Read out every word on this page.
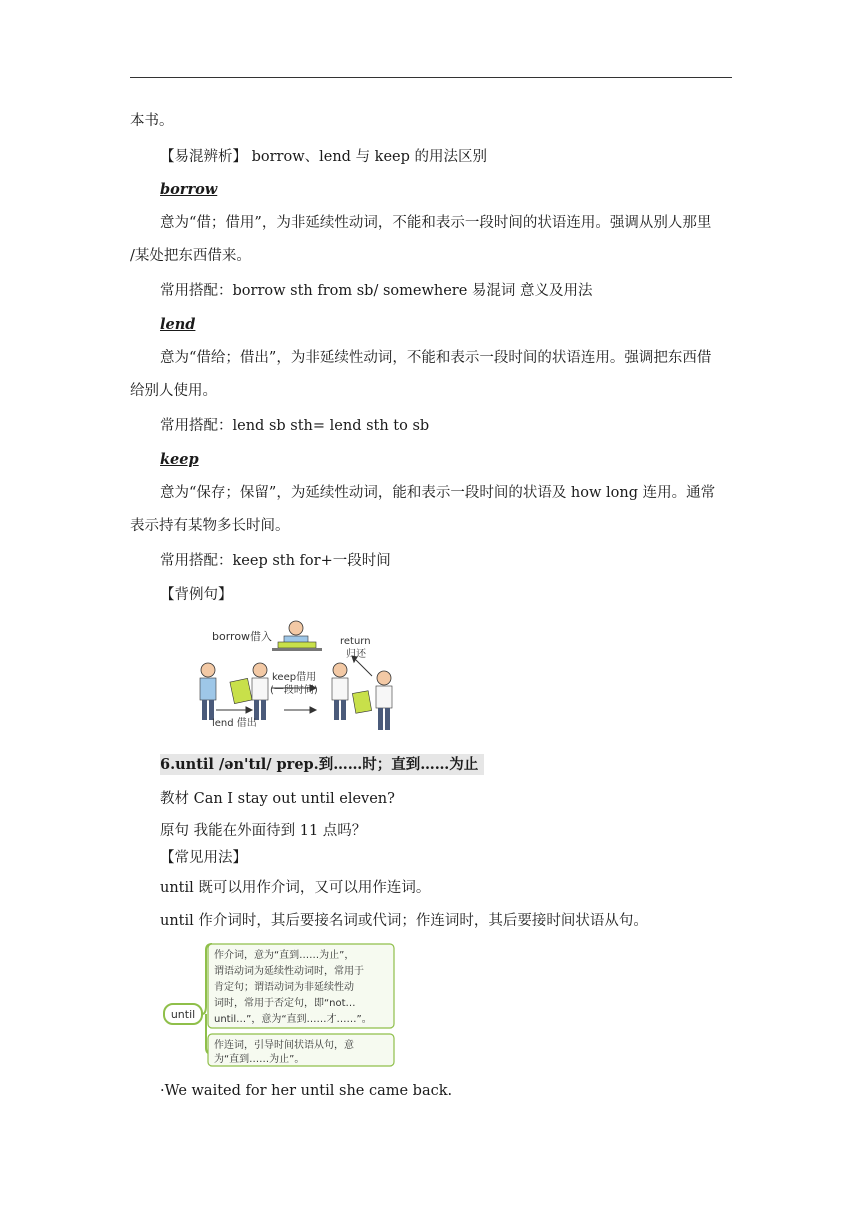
本书。
【易混辨析】 borrow、lend 与 keep 的用法区别
borrow
意为“借；借用”，为非延续性动词，不能和表示一段时间的状语连用。强调从别人那里
/某处把东西借来。
常用搭配：borrow sth from sb/ somewhere 易混词 意义及用法
lend
意为“借给；借出”，为非延续性动词，不能和表示一段时间的状语连用。强调把东西借
给别人使用。
常用搭配：lend sb sth= lend sth to sb
keep
意为“保存；保留”，为延续性动词，能和表示一段时间的状语及 how long 连用。通常
表示持有某物多长时间。
常用搭配：keep sth for+一段时间
【背例句】
borrow借入	return
归还
keep借用
(一段时间)
lend 借出
6.until /ən'tɪl/ prep.到……时；直到……为止
教材 Can I stay out until eleven?
原句 我能在外面待到 11 点吗？
【常见用法】
until 既可以用作介词，又可以用作连词。
until 作介词时，其后要接名词或代词；作连词时，其后要接时间状语从句。
until
作介词，意为“直到……为止”，
谓语动词为延续性动词时，常用于
肯定句；谓语动词为非延续性动
词时，常用于否定句，即“not…
until…”，意为“直到……才……”。
作连词，引导时间状语从句，意
为“直到……为止”。
·We waited for her until she came back.
